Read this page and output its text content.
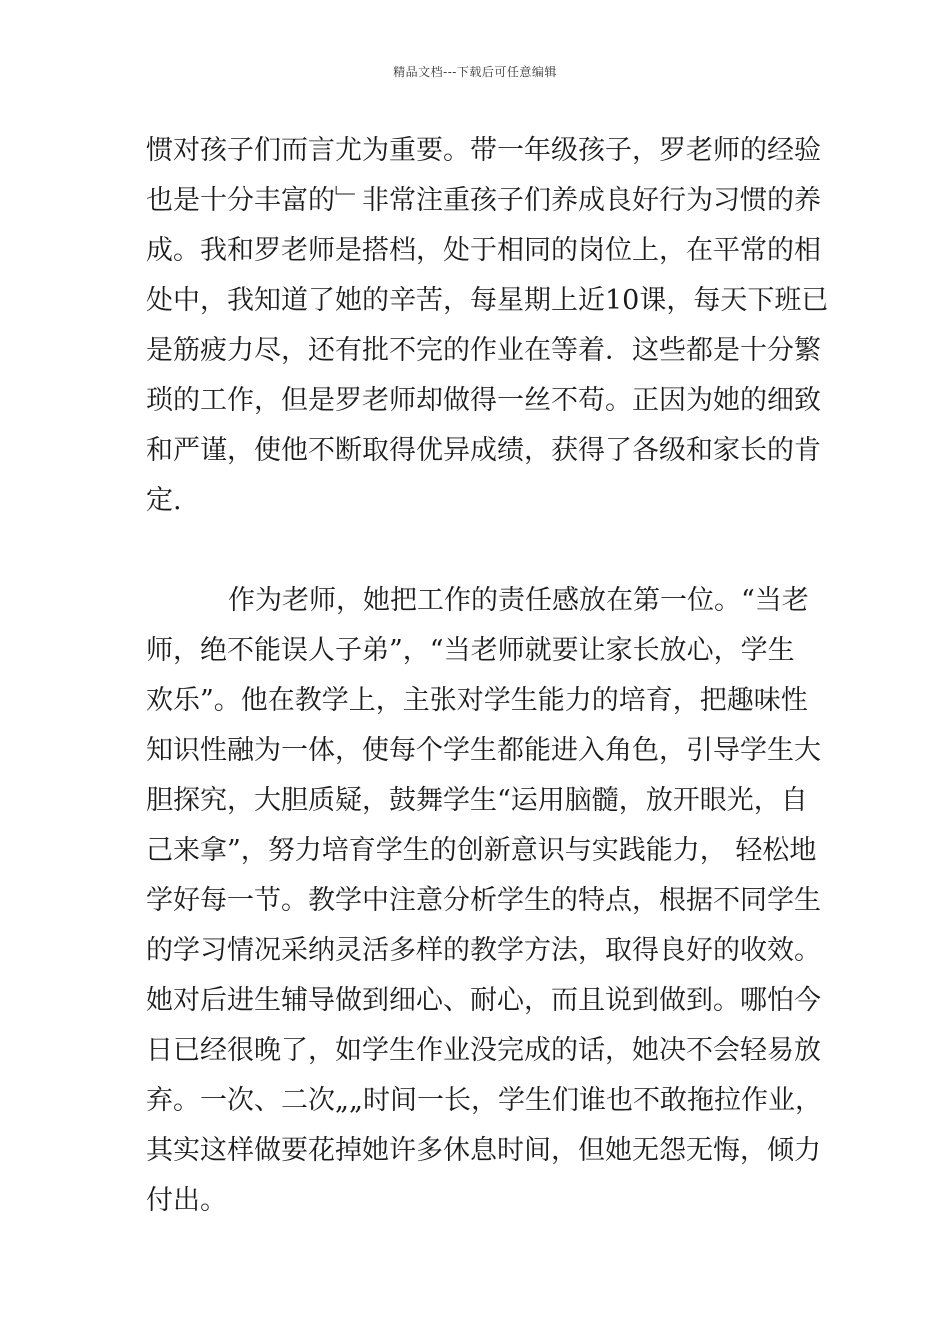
精品文档---下载后可任意编辑
惯对孩子们而言尤为重要。带一年级孩子，罗老师的经验
也是十分丰富的﹂非常注重孩子们养成良好行为习惯的养
成。我和罗老师是搭档，处于相同的岗位上，在平常的相
处中，我知道了她的辛苦，每星期上近10课，每天下班已
是筋疲力尽，还有批不完的作业在等着．这些都是十分繁
琐的工作，但是罗老师却做得一丝不苟。正因为她的细致
和严谨，使他不断取得优异成绩，获得了各级和家长的肯
定.
作为老师，她把工作的责任感放在第一位。“当老
师，绝不能误人子弟”，“当老师就要让家长放心，学生
欢乐”。他在教学上，主张对学生能力的培育，把趣味性
知识性融为一体，使每个学生都能进入角色，引导学生大
胆探究，大胆质疑，鼓舞学生“运用脑髓，放开眼光，自
己来拿”，努力培育学生的创新意识与实践能力， 轻松地
学好每一节。教学中注意分析学生的特点，根据不同学生
的学习情况采纳灵活多样的教学方法，取得良好的收效。
她对后进生辅导做到细心、耐心，而且说到做到。哪怕今
日已经很晚了，如学生作业没完成的话，她决不会轻易放
弃。一次、二次„„时间一长，学生们谁也不敢拖拉作业，
其实这样做要花掉她许多休息时间，但她无怨无悔，倾力
付出。
